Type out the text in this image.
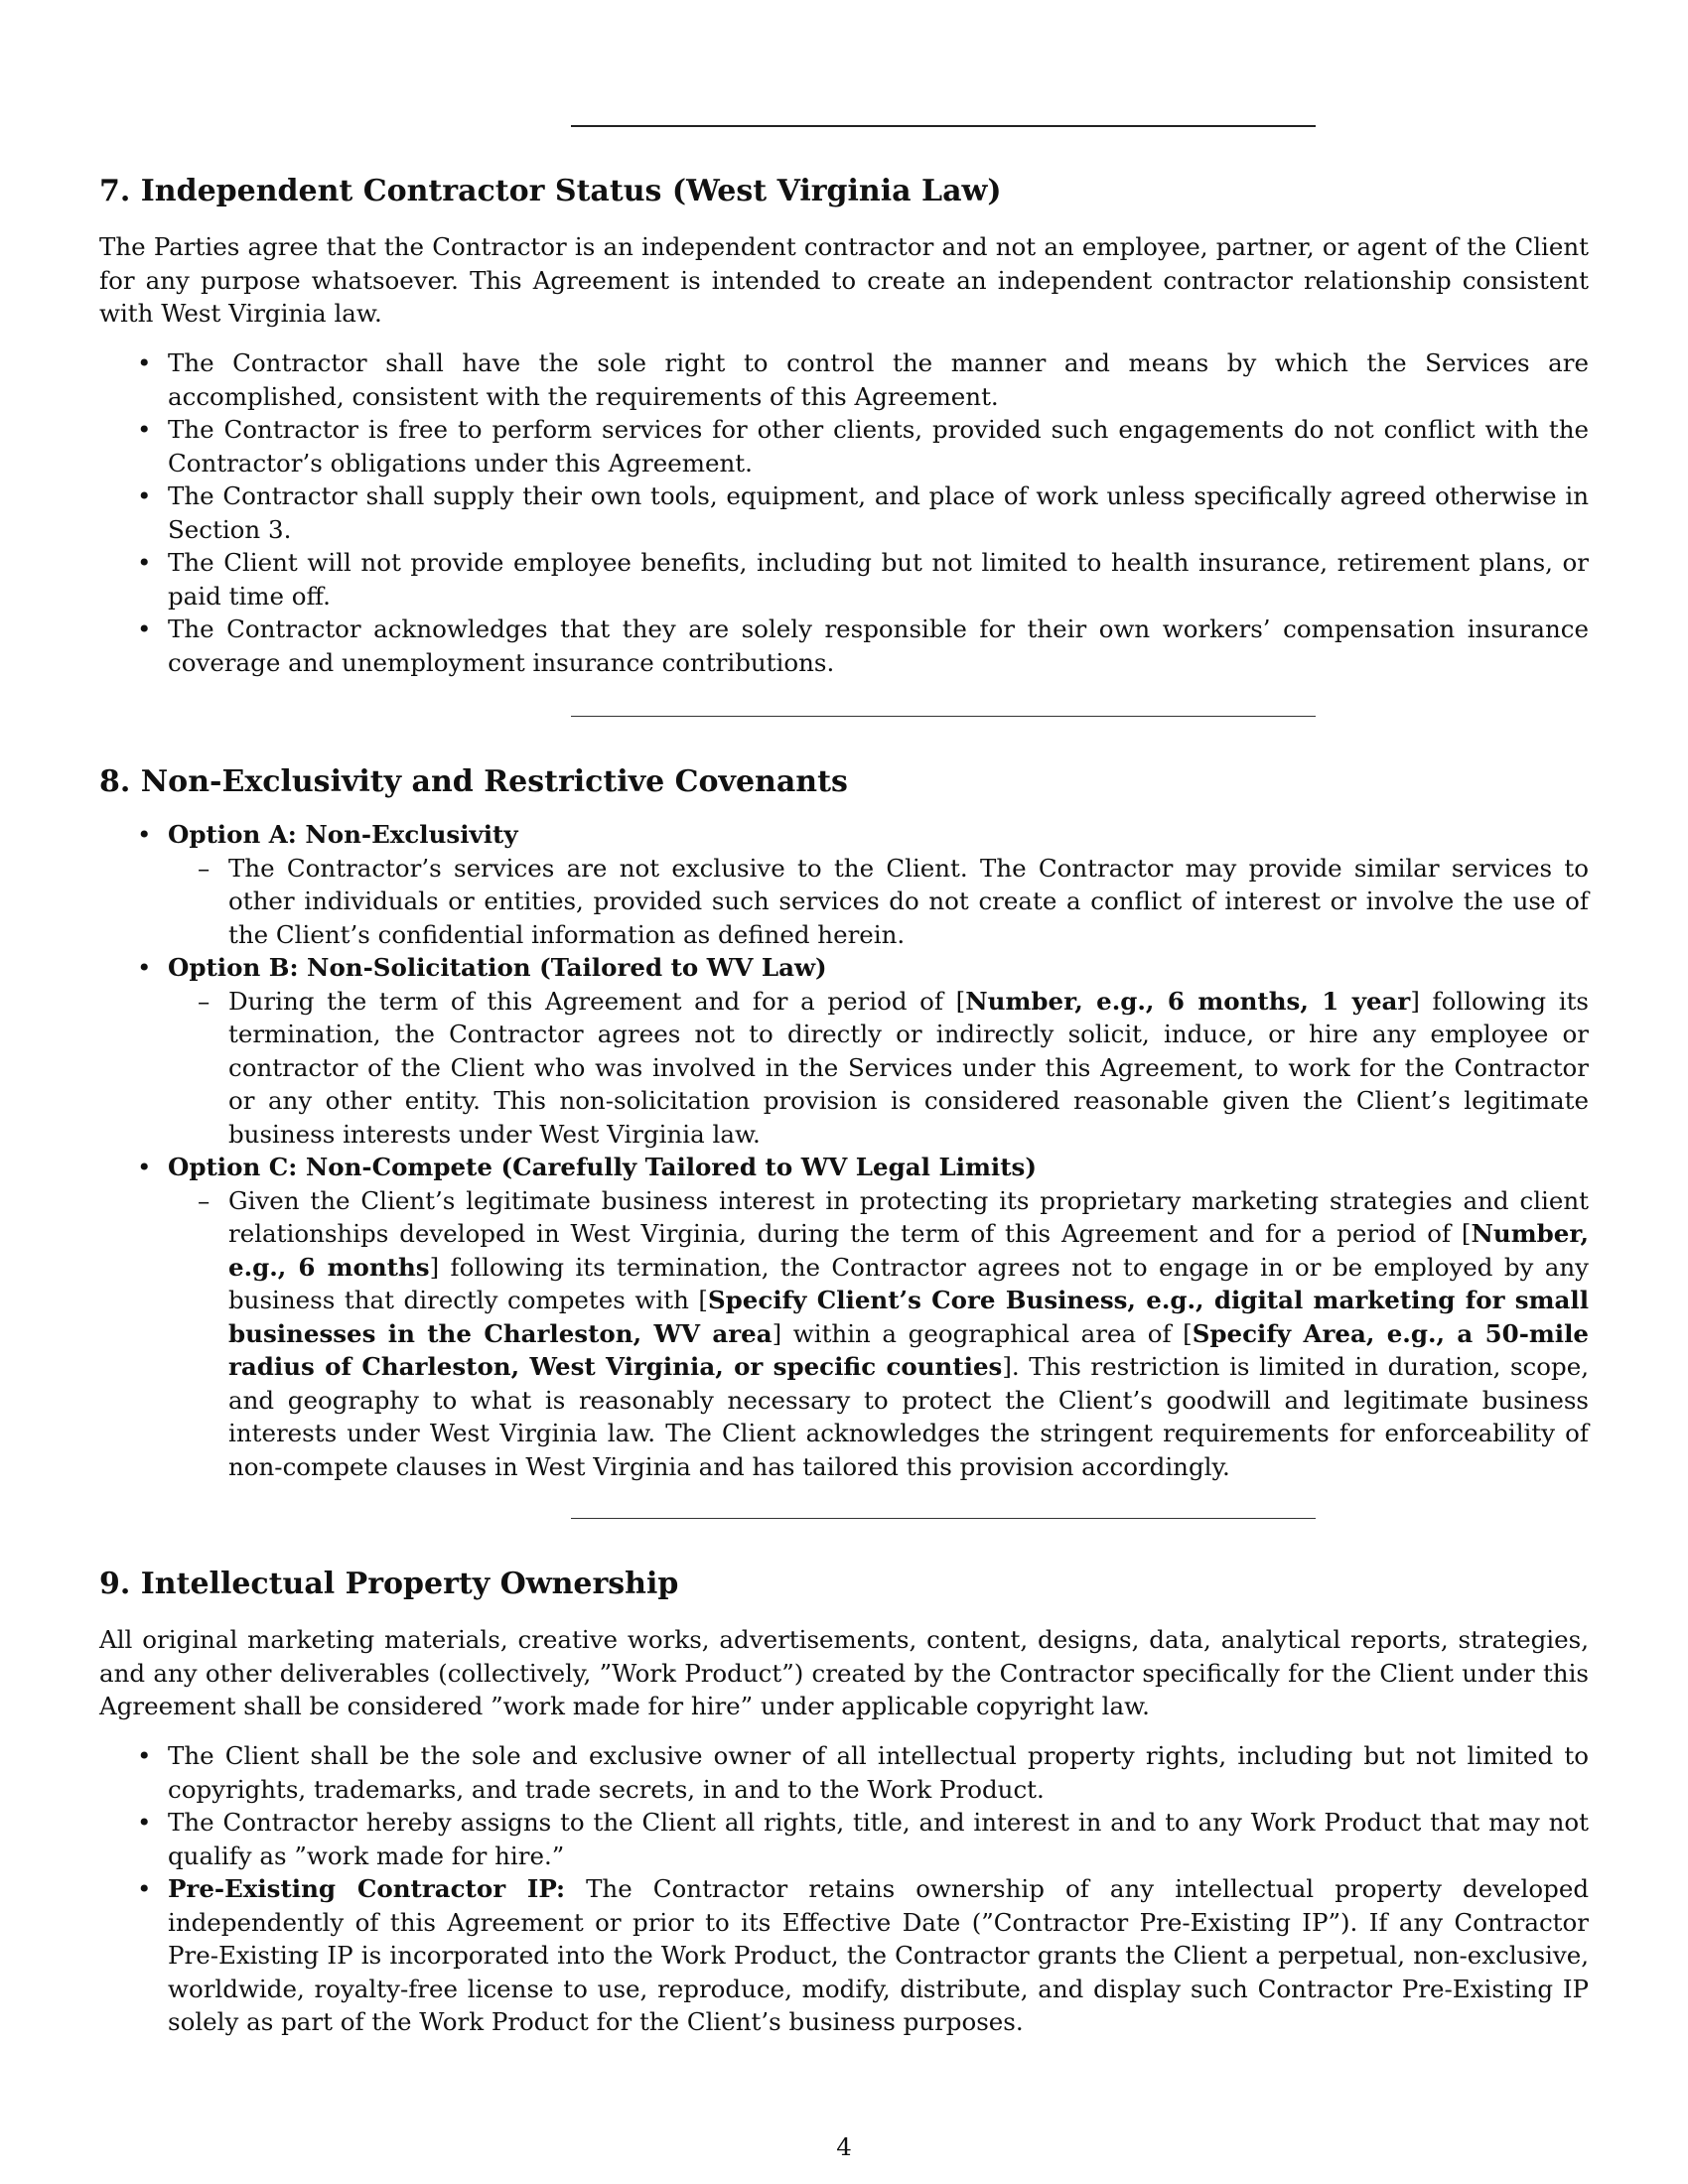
7. Independent Contractor Status (West Virginia Law)

The Parties agree that the Contractor is an independent contractor and not an employee, partner, or agent of the Client for any purpose whatsoever. This Agreement is intended to create an independent contractor relationship consistent with West Virginia law.

• The Contractor shall have the sole right to control the manner and means by which the Services are accomplished, consistent with the requirements of this Agreement.
• The Contractor is free to perform services for other clients, provided such engagements do not conflict with the Contractor’s obligations under this Agreement.
• The Contractor shall supply their own tools, equipment, and place of work unless specifically agreed otherwise in Section 3.
• The Client will not provide employee benefits, including but not limited to health insurance, retirement plans, or paid time off.
• The Contractor acknowledges that they are solely responsible for their own workers’ compensation insurance coverage and unemployment insurance contributions.
8. Non-Exclusivity and Restrictive Covenants
• Option A: Non-Exclusivity
– The Contractor’s services are not exclusive to the Client. The Contractor may provide similar services to other individuals or entities, provided such services do not create a conflict of interest or involve the use of the Client’s confidential information as defined herein.
• Option B: Non-Solicitation (Tailored to WV Law)
– During the term of this Agreement and for a period of [Number, e.g., 6 months, 1 year] following its termination, the Contractor agrees not to directly or indirectly solicit, induce, or hire any employee or contractor of the Client who was involved in the Services under this Agreement, to work for the Contractor or any other entity. This non-solicitation provision is considered reasonable given the Client’s legitimate business interests under West Virginia law.
• Option C: Non-Compete (Carefully Tailored to WV Legal Limits)
– Given the Client’s legitimate business interest in protecting its proprietary marketing strategies and client relationships developed in West Virginia, during the term of this Agreement and for a period of [Number, e.g., 6 months] following its termination, the Contractor agrees not to engage in or be employed by any business that directly competes with [Specify Client’s Core Business, e.g., digital marketing for small businesses in the Charleston, WV area] within a geographical area of [Specify Area, e.g., a 50-mile radius of Charleston, West Virginia, or specific counties]. This restriction is limited in duration, scope, and geography to what is reasonably necessary to protect the Client’s goodwill and legitimate business interests under West Virginia law. The Client acknowledges the stringent requirements for enforceability of non-compete clauses in West Virginia and has tailored this provision accordingly.
9. Intellectual Property Ownership

All original marketing materials, creative works, advertisements, content, designs, data, analytical reports, strategies, and any other deliverables (collectively, ”Work Product”) created by the Contractor specifically for the Client under this Agreement shall be considered ”work made for hire” under applicable copyright law.

• The Client shall be the sole and exclusive owner of all intellectual property rights, including but not limited to copyrights, trademarks, and trade secrets, in and to the Work Product.
• The Contractor hereby assigns to the Client all rights, title, and interest in and to any Work Product that may not qualify as ”work made for hire.”
• Pre-Existing Contractor IP: The Contractor retains ownership of any intellectual property developed independently of this Agreement or prior to its Effective Date (”Contractor Pre-Existing IP”). If any Contractor Pre-Existing IP is incorporated into the Work Product, the Contractor grants the Client a perpetual, non-exclusive, worldwide, royalty-free license to use, reproduce, modify, distribute, and display such Contractor Pre-Existing IP solely as part of the Work Product for the Client’s business purposes.
4
